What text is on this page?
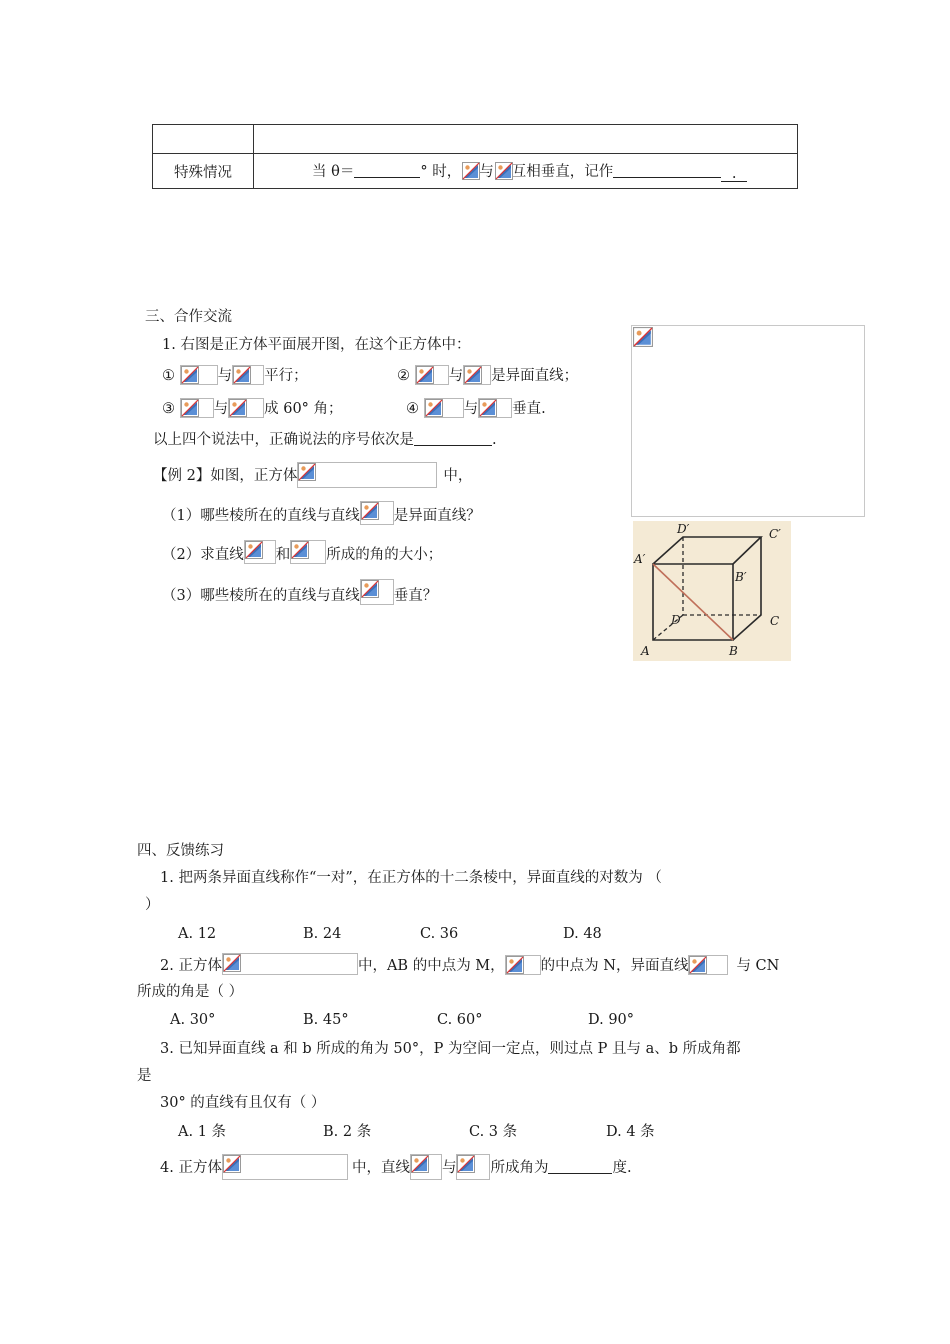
特殊情况	当 θ＝ ° 时， 与 互相垂直，记作 .
三、合作交流
1. 右图是正方体平面展开图，在这个正方体中：
①	与 平行；	②	与 是异面直线；
③	与 成 60° 角；	④	与 垂直.
以上四个说法中，正确说法的序号依次是	.
【例 2】如图，正方体	中，
（1）哪些棱所在的直线与直线 是异面直线？
（2）求直线 和 所成的角的大小；
（3）哪些棱所在的直线与直线 垂直？
D′	C′
A′
B′
D	C
A	B
四、反馈练习
1. 把两条异面直线称作“一对”，在正方体的十二条棱中，异面直线的对数为 （
）
A. 12	B. 24	C. 36	D. 48
2. 正方体	中，AB 的中点为 M， 的中点为 N，异面直线	与 CN
所成的角是（ ）
A. 30°	B. 45°	C. 60°	D. 90°
3. 已知异面直线 a 和 b 所成的角为 50°，P 为空间一定点，则过点 P 且与 a、b 所成角都
是
30° 的直线有且仅有（ ）
A. 1 条	B. 2 条	C. 3 条	D. 4 条
4. 正方体	中，直线 与 所成角为	度.
